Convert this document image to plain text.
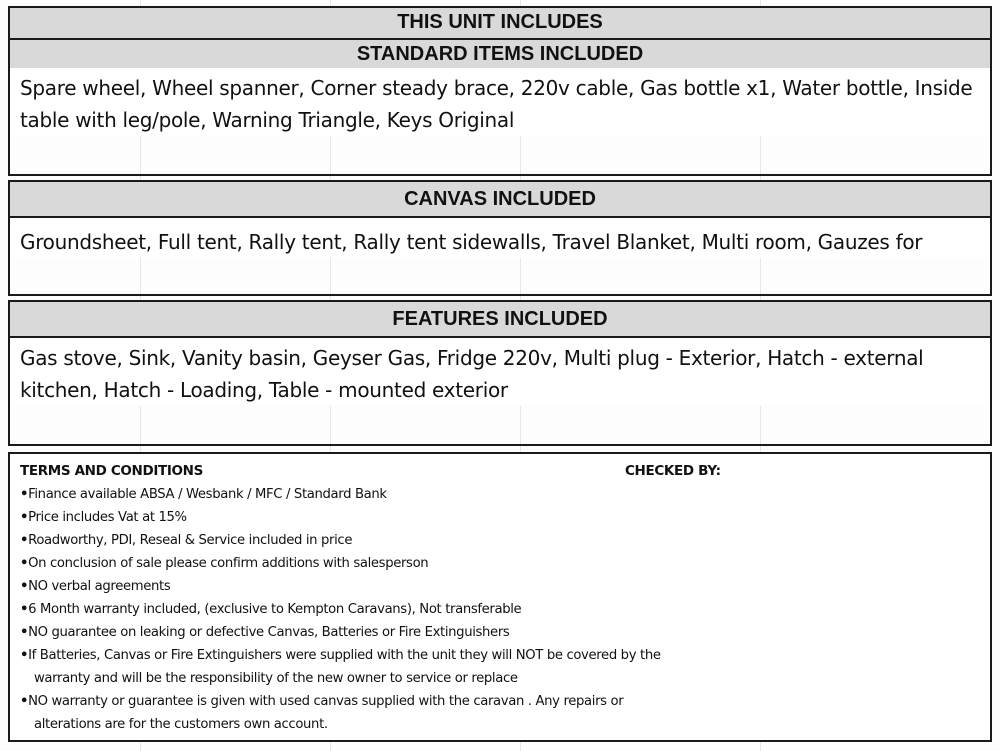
THIS UNIT INCLUDES
STANDARD ITEMS INCLUDED
Spare wheel, Wheel spanner, Corner steady brace, 220v cable, Gas bottle x1, Water bottle, Inside
table with leg/pole, Warning Triangle, Keys Original
CANVAS INCLUDED
Groundsheet, Full tent, Rally tent, Rally tent sidewalls, Travel Blanket, Multi room, Gauzes for
FEATURES INCLUDED
Gas stove, Sink, Vanity basin, Geyser Gas, Fridge 220v, Multi plug - Exterior, Hatch - external
kitchen, Hatch - Loading, Table - mounted exterior
TERMS AND CONDITIONS	CHECKED BY:

•Finance available ABSA / Wesbank / MFC / Standard Bank

•Price includes Vat at 15%

•Roadworthy, PDI, Reseal & Service included in price

•On conclusion of sale please confirm additions with salesperson

•NO verbal agreements

•6 Month warranty included, (exclusive to Kempton Caravans), Not transferable

•NO guarantee on leaking or defective Canvas, Batteries or Fire Extinguishers

•If Batteries, Canvas or Fire Extinguishers were supplied with the unit they will NOT be covered by the

warranty and will be the responsibility of the new owner to service or replace

•NO warranty or guarantee is given with used canvas supplied with the caravan . Any repairs or

alterations are for the customers own account.
